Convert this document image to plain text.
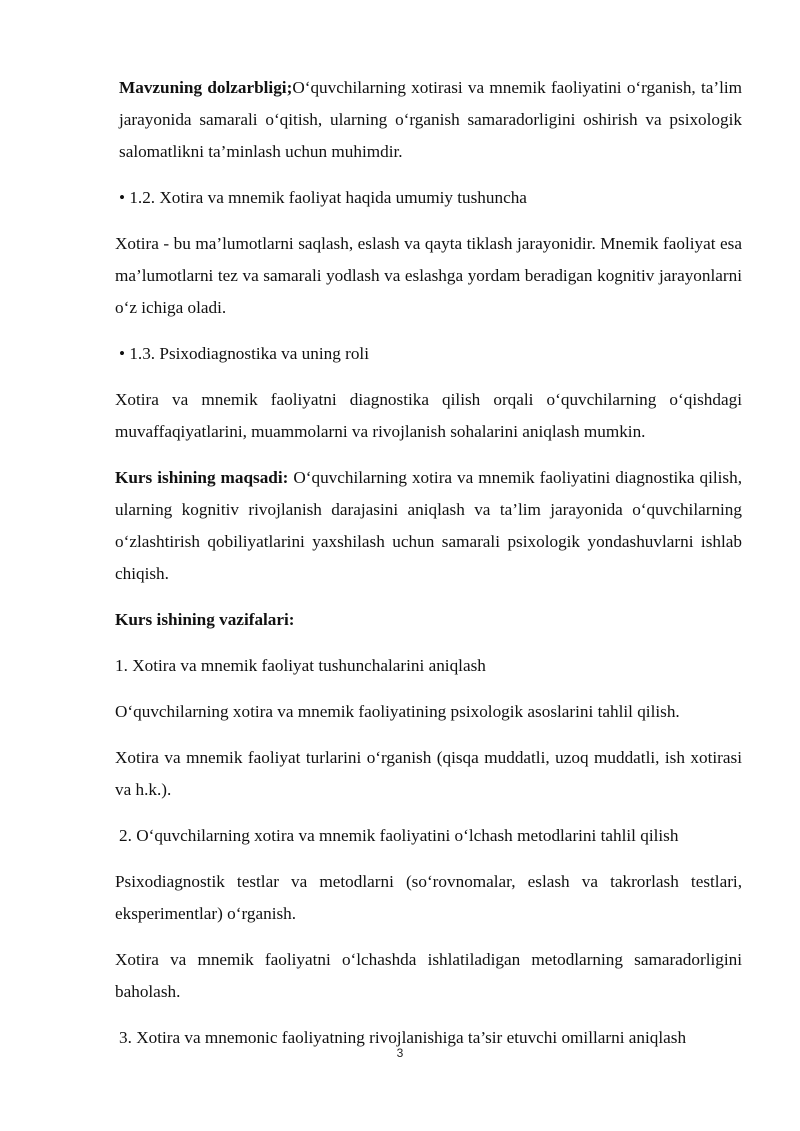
Mavzuning dolzarbligi;O‘quvchilarning xotirasi va mnemik faoliyatini o‘rganish, ta’lim jarayonida samarali o‘qitish, ularning o‘rganish samaradorligini oshirish va psixologik salomatlikni ta’minlash uchun muhimdir.

• 1.2. Xotira va mnemik faoliyat haqida umumiy tushuncha

Xotira - bu ma’lumotlarni saqlash, eslash va qayta tiklash jarayonidir. Mnemik faoliyat esa ma’lumotlarni tez va samarali yodlash va eslashga yordam beradigan kognitiv jarayonlarni o‘z ichiga oladi.

• 1.3. Psixodiagnostika va uning roli

Xotira va mnemik faoliyatni diagnostika qilish orqali o‘quvchilarning o‘qishdagi muvaffaqiyatlarini, muammolarni va rivojlanish sohalarini aniqlash mumkin.

Kurs ishining maqsadi: O‘quvchilarning xotira va mnemik faoliyatini diagnostika qilish, ularning kognitiv rivojlanish darajasini aniqlash va ta’lim jarayonida o‘quvchilarning o‘zlashtirish qobiliyatlarini yaxshilash uchun samarali psixologik yondashuvlarni ishlab chiqish.

Kurs ishining vazifalari:

1. Xotira va mnemik faoliyat tushunchalarini aniqlash

O‘quvchilarning xotira va mnemik faoliyatining psixologik asoslarini tahlil qilish.

Xotira va mnemik faoliyat turlarini o‘rganish (qisqa muddatli, uzoq muddatli, ish xotirasi va h.k.).

2. O‘quvchilarning xotira va mnemik faoliyatini o‘lchash metodlarini tahlil qilish

Psixodiagnostik testlar va metodlarni (so‘rovnomalar, eslash va takrorlash testlari, eksperimentlar) o‘rganish.

Xotira va mnemik faoliyatni o‘lchashda ishlatiladigan metodlarning samaradorligini baholash.

3. Xotira va mnemonic faoliyatning rivojlanishiga ta’sir etuvchi omillarni aniqlash

3
